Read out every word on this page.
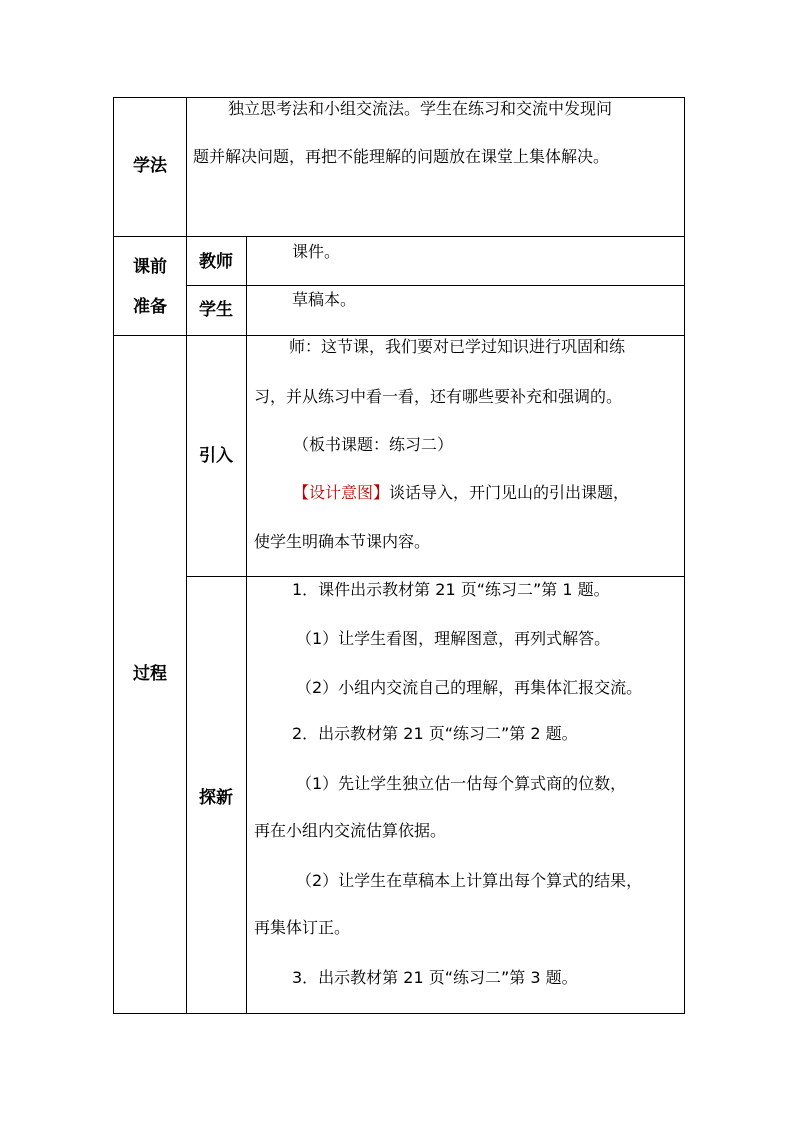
学法
独立思考法和小组交流法。学生在练习和交流中发现问
题并解决问题，再把不能理解的问题放在课堂上集体解决。
课前
准备
教师
课件。
学生
草稿本。
过程
引入
师：这节课，我们要对已学过知识进行巩固和练
习，并从练习中看一看，还有哪些要补充和强调的。
（板书课题：练习二）
【设计意图】谈话导入，开门见山的引出课题，
使学生明确本节课内容。
探新
1．课件出示教材第 21 页“练习二”第 1 题。
（1）让学生看图，理解图意，再列式解答。
（2）小组内交流自己的理解，再集体汇报交流。
2．出示教材第 21 页“练习二”第 2 题。
（1）先让学生独立估一估每个算式商的位数，
再在小组内交流估算依据。
（2）让学生在草稿本上计算出每个算式的结果，
再集体订正。
3．出示教材第 21 页“练习二”第 3 题。
